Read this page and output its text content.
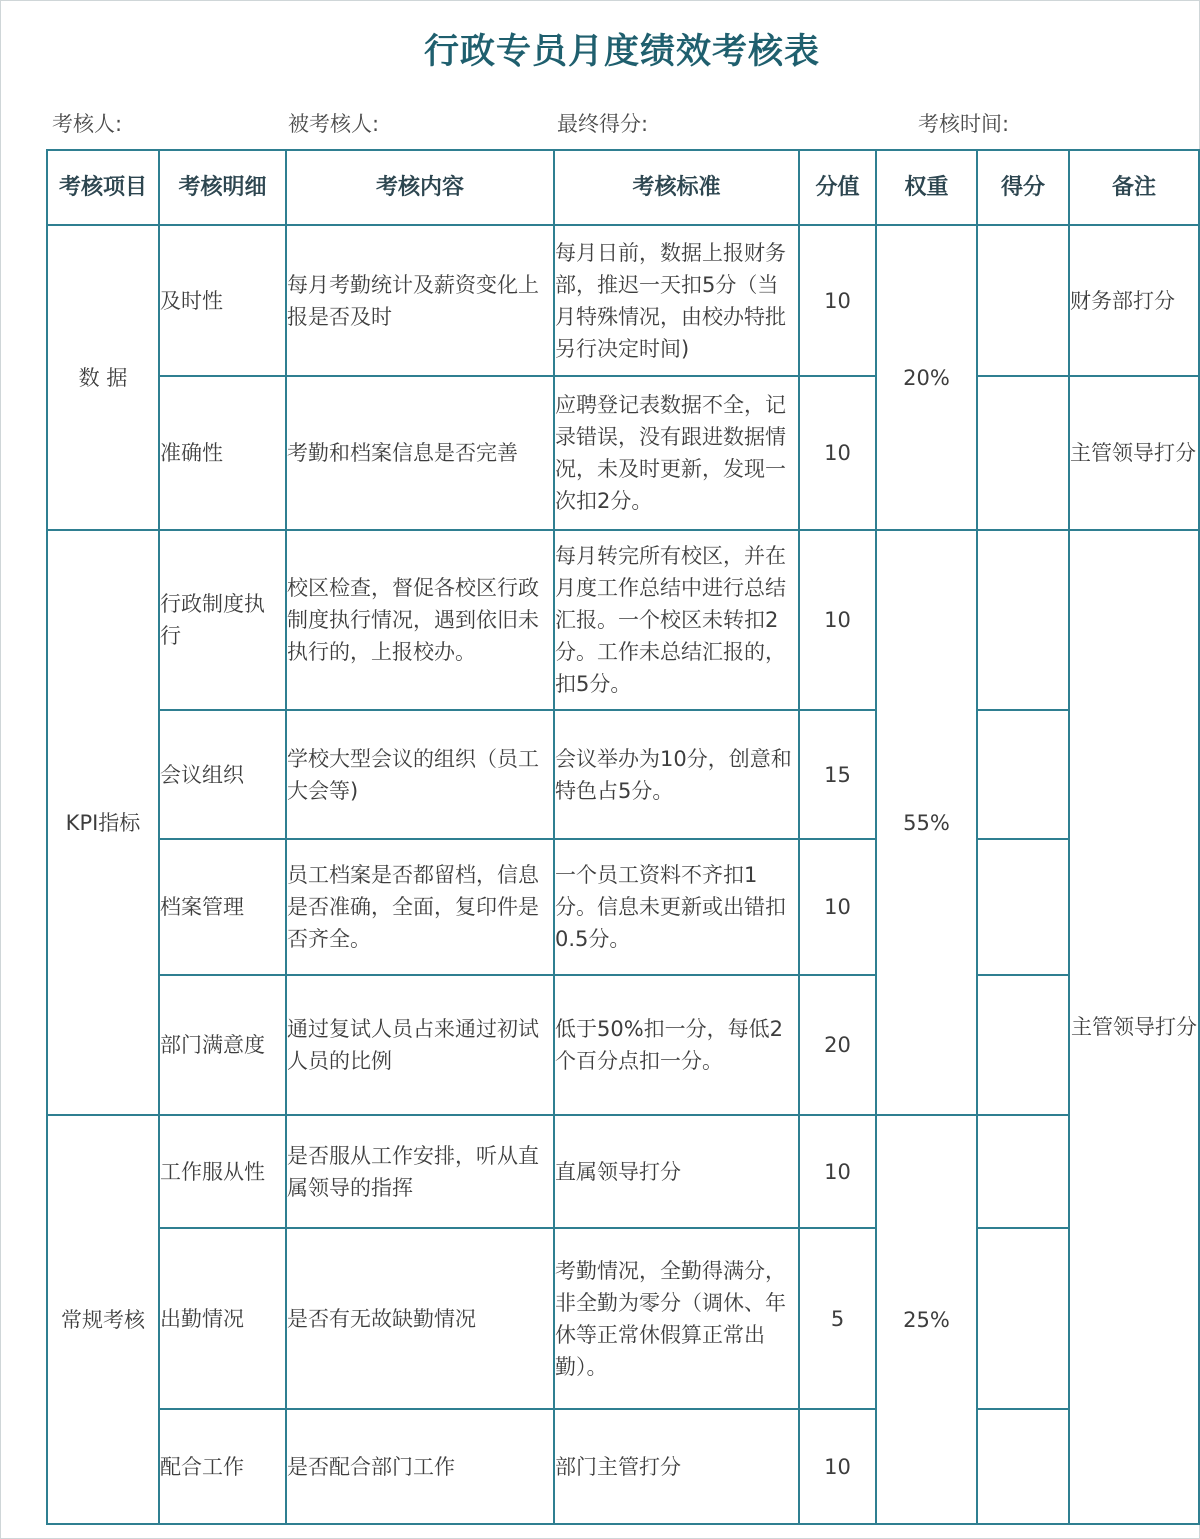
行政专员月度绩效考核表
考核人:	被考核人:	最终得分:	考核时间:
考核项目	考核明细	考核内容	考核标准	分值	权重	得分	备注
数 据	及时性	每月考勤统计及薪资变化上报是否及时	每月日前，数据上报财务部，推迟一天扣5分（当月特殊情况，由校办特批另行决定时间)	10	20%		财务部打分
	准确性	考勤和档案信息是否完善	应聘登记表数据不全，记录错误，没有跟进数据情况，未及时更新，发现一次扣2分。	10			主管领导打分
KPI指标	行政制度执行	校区检查，督促各校区行政制度执行情况，遇到依旧未执行的，上报校办。	每月转完所有校区，并在月度工作总结中进行总结汇报。一个校区未转扣2分。工作未总结汇报的，扣5分。	10	55%		主管领导打分
	会议组织	学校大型会议的组织（员工大会等)	会议举办为10分，创意和特色占5分。	15			
	档案管理	员工档案是否都留档，信息是否准确，全面，复印件是否齐全。	一个员工资料不齐扣1分。信息未更新或出错扣0.5分。	10			
	部门满意度	通过复试人员占来通过初试人员的比例	低于50%扣一分，每低2个百分点扣一分。	20			
常规考核	工作服从性	是否服从工作安排，听从直属领导的指挥	直属领导打分	10	25%		
	出勤情况	是否有无故缺勤情况	考勤情况，全勤得满分，非全勤为零分（调休、年休等正常休假算正常出勤）。	5			
	配合工作	是否配合部门工作	部门主管打分	10			
